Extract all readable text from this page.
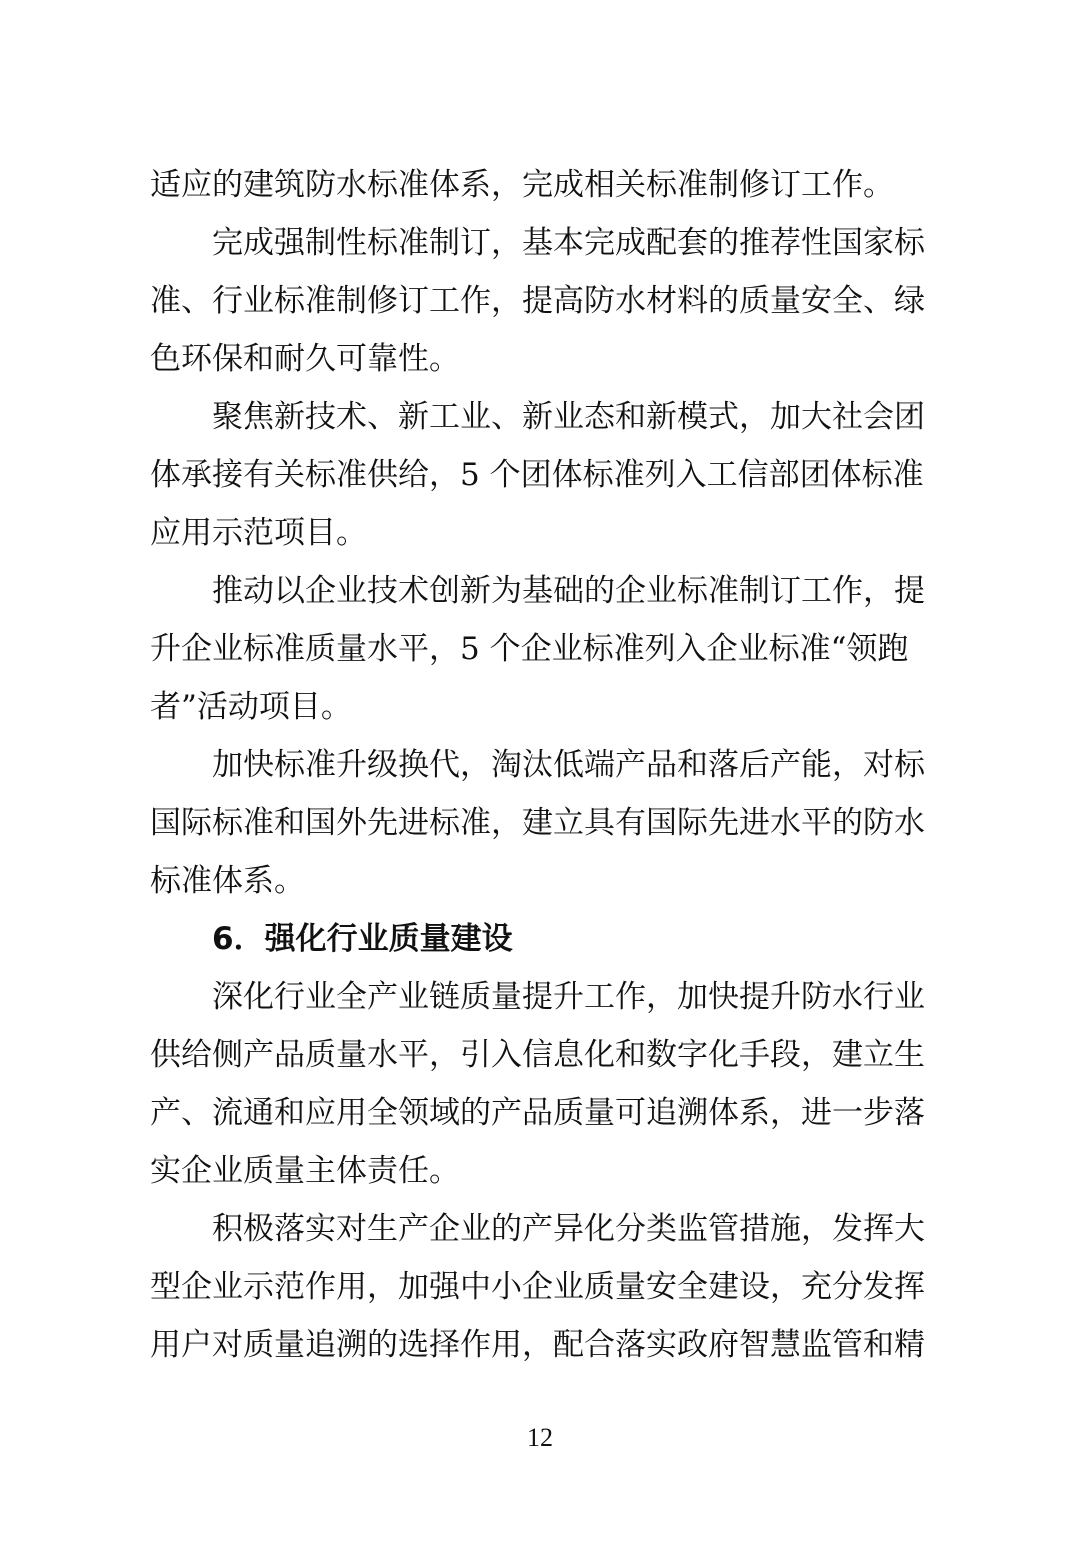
适应的建筑防水标准体系，完成相关标准制修订工作。
完成强制性标准制订，基本完成配套的推荐性国家标
准、行业标准制修订工作，提高防水材料的质量安全、绿
色环保和耐久可靠性。
聚焦新技术、新工业、新业态和新模式，加大社会团
体承接有关标准供给，5 个团体标准列入工信部团体标准
应用示范项目。
推动以企业技术创新为基础的企业标准制订工作，提
升企业标准质量水平，5 个企业标准列入企业标准“领跑
者”活动项目。
加快标准升级换代，淘汰低端产品和落后产能，对标
国际标准和国外先进标准，建立具有国际先进水平的防水
标准体系。
6．强化行业质量建设
深化行业全产业链质量提升工作，加快提升防水行业
供给侧产品质量水平，引入信息化和数字化手段，建立生
产、流通和应用全领域的产品质量可追溯体系，进一步落
实企业质量主体责任。
积极落实对生产企业的产异化分类监管措施，发挥大
型企业示范作用，加强中小企业质量安全建设，充分发挥
用户对质量追溯的选择作用，配合落实政府智慧监管和精
12
